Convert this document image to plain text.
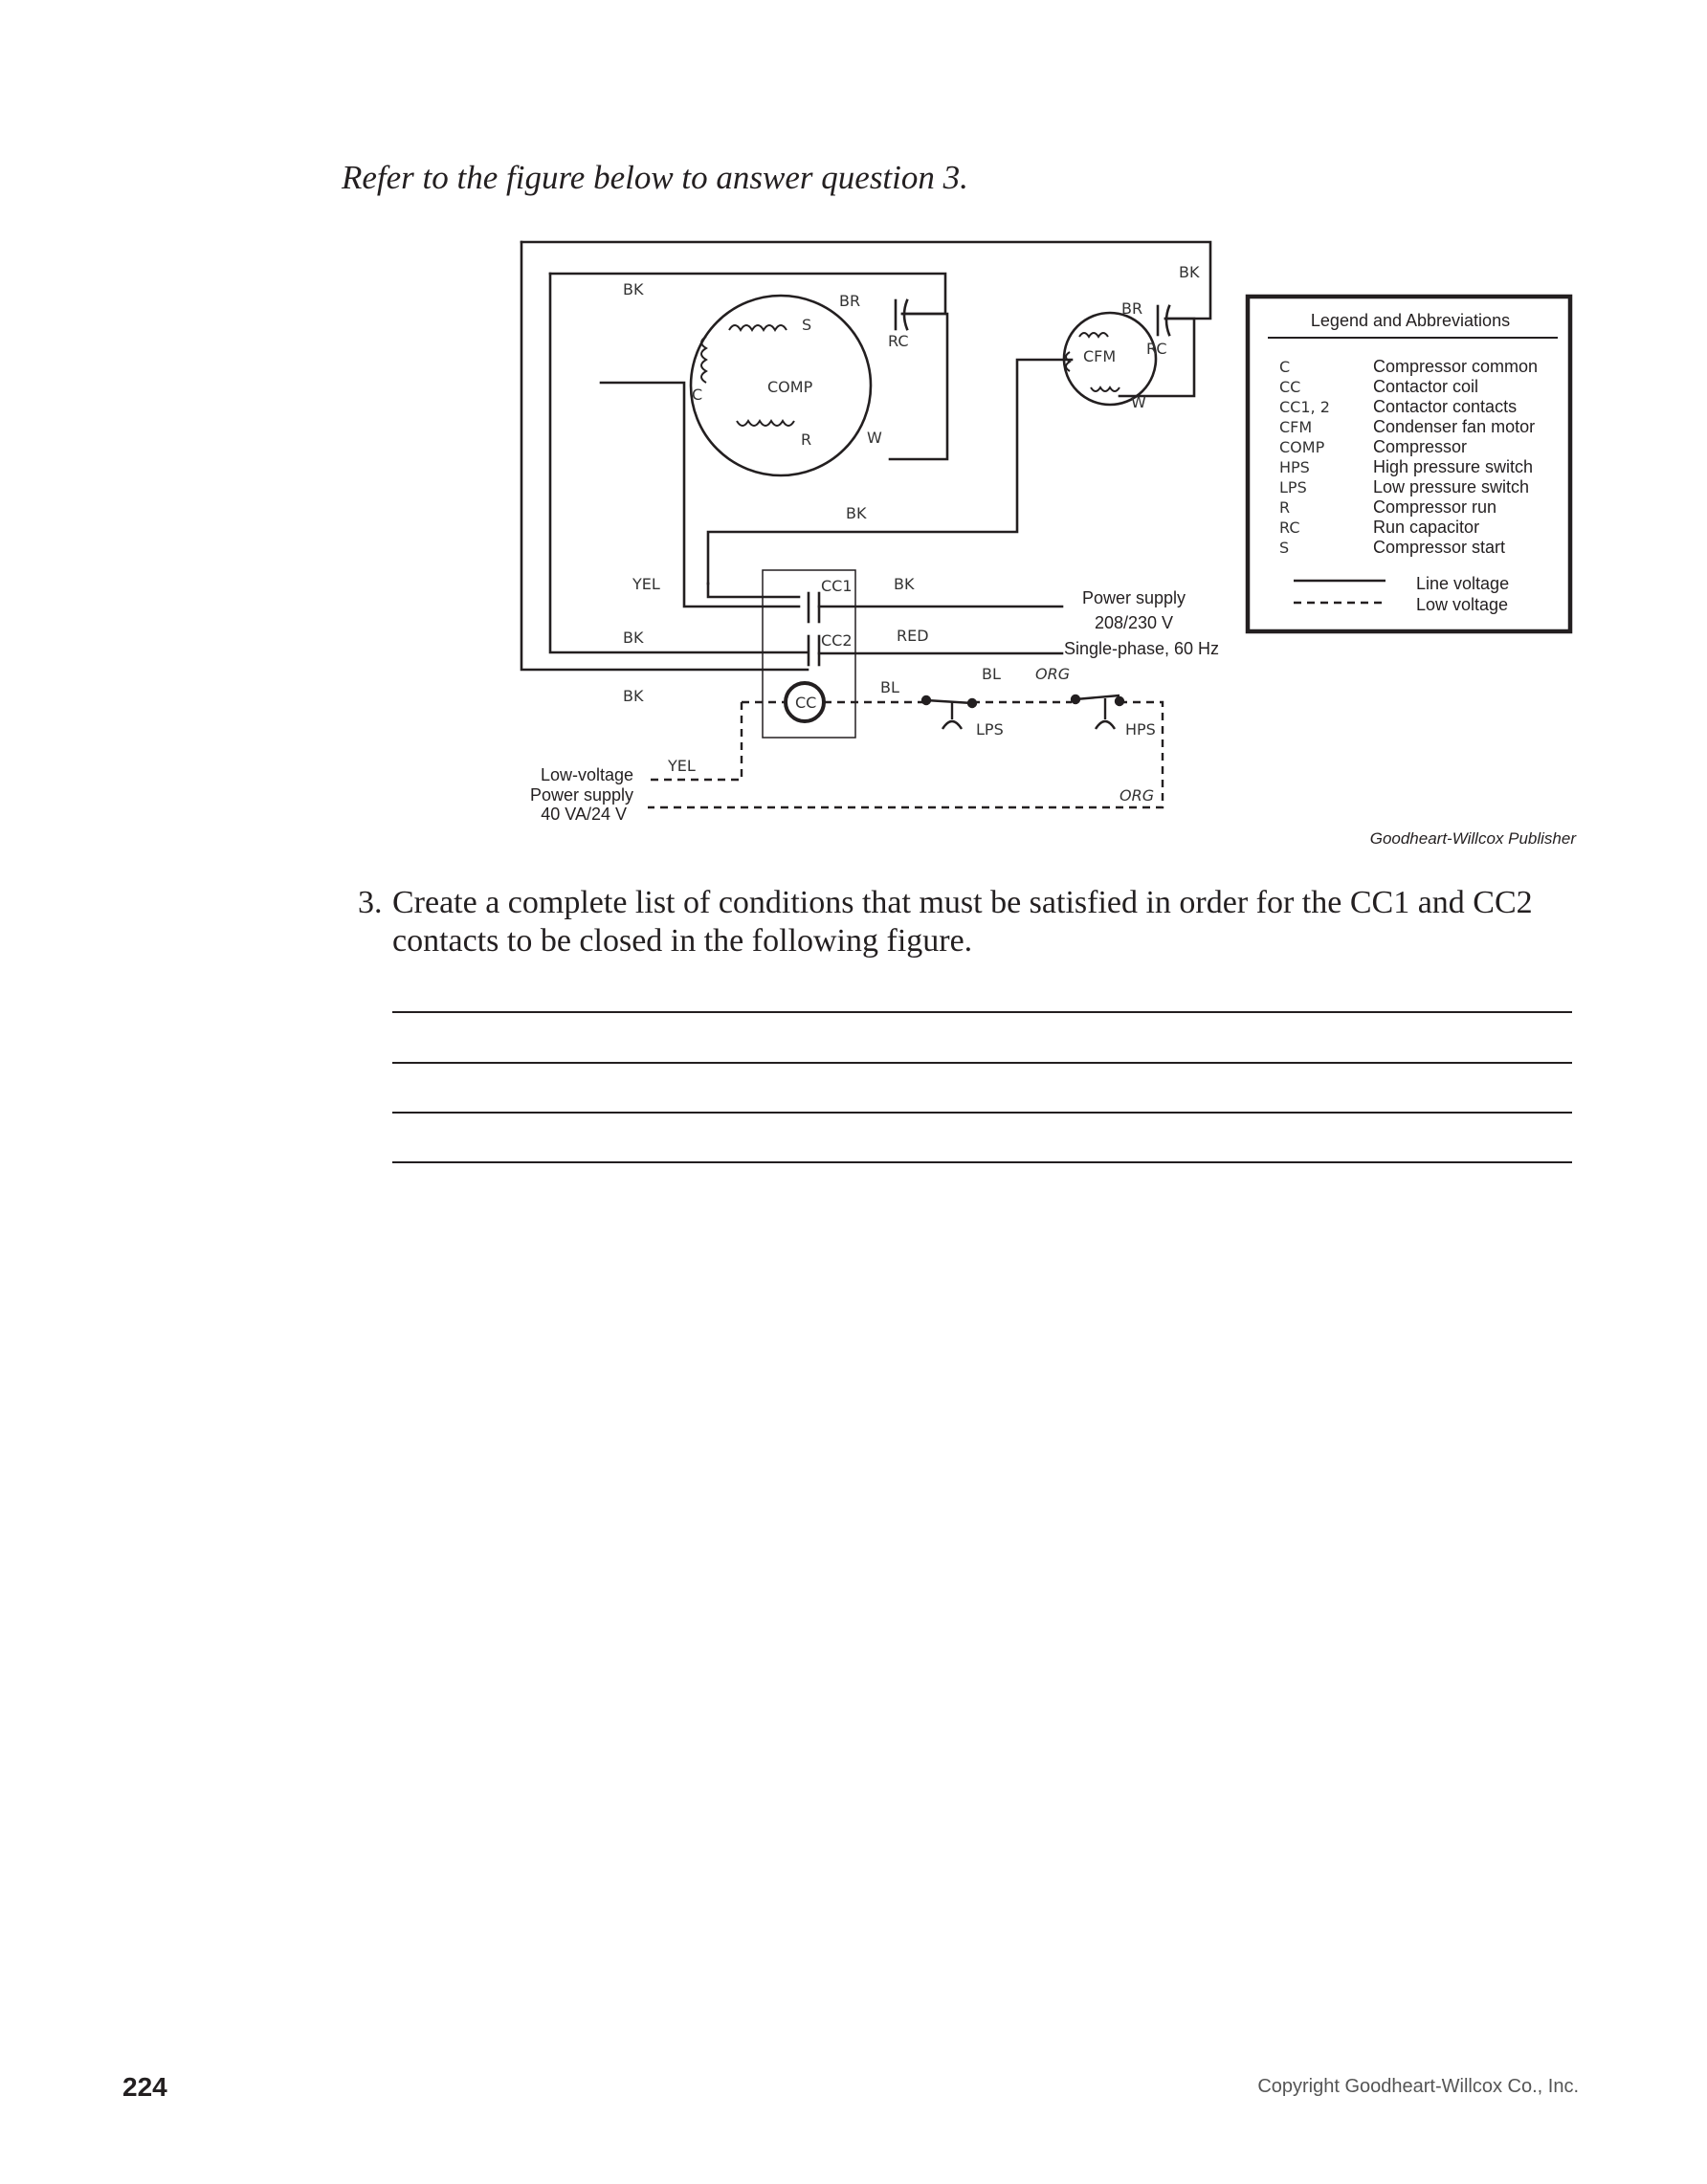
Refer to the figure below to answer question 3.
Legend and Abbreviations
C	Compressor common
CC	Contactor coil
CC1, 2	Contactor contacts
CFM	Condenser fan motor
COMP	Compressor
HPS	High pressure switch
LPS	Low pressure switch
R	Compressor run
RC	Run capacitor
S	Compressor start
Line voltage
Low voltage
BK
BK
BR
RC
S
COMP
C
R	W
BR
RC
CFM
W
BK
YEL	CC1	BK
BK	CC2	RED
BK	CC
BL
BL ORG
LPS	HPS
YEL
ORG
Power supply
208/230 V
Single-phase, 60 Hz
Low-voltage
Power supply
40 VA/24 V
Goodheart-Willcox Publisher
3. Create a complete list of conditions that must be satisfied in order for the CC1 and CC2 contacts to be closed in the following figure.
224	Copyright Goodheart-Willcox Co., Inc.
